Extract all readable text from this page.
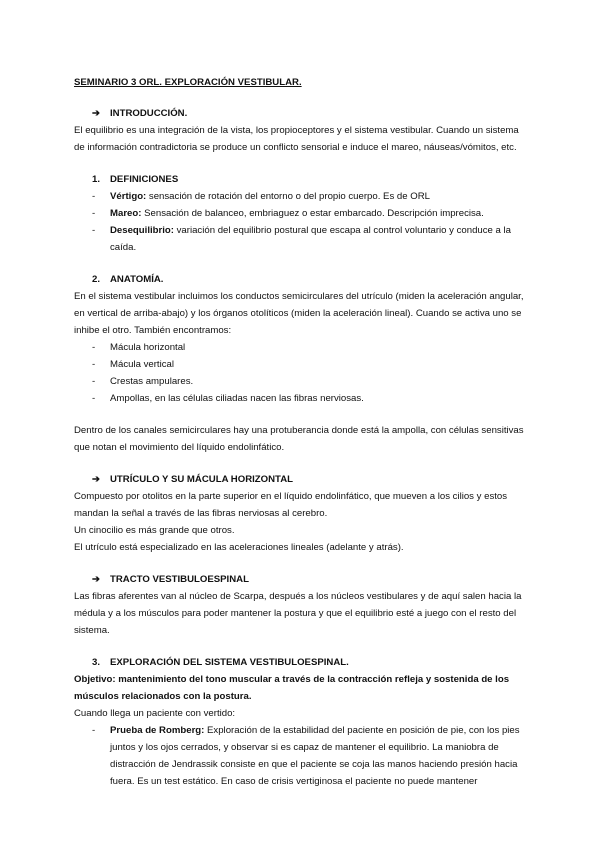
SEMINARIO 3 ORL. EXPLORACIÓN VESTIBULAR.

➔ INTRODUCCIÓN.

El equilibrio es una integración de la vista, los propioceptores y el sistema vestibular. Cuando un sistema de información contradictoria se produce un conflicto sensorial e induce el mareo, náuseas/vómitos, etc.

1. DEFINICIONES

- Vértigo: sensación de rotación del entorno o del propio cuerpo. Es de ORL
- Mareo: Sensación de balanceo, embriaguez o estar embarcado. Descripción imprecisa.
- Desequilibrio: variación del equilibrio postural que escapa al control voluntario y conduce a la caída.

2. ANATOMÍA.

En el sistema vestibular incluimos los conductos semicirculares del utrículo (miden la aceleración angular, en vertical de arriba-abajo) y los órganos otolíticos (miden la aceleración lineal). Cuando se activa uno se inhibe el otro. También encontramos:

- Mácula horizontal
- Mácula vertical
- Crestas ampulares.
- Ampollas, en las células ciliadas nacen las fibras nerviosas.

Dentro de los canales semicirculares hay una protuberancia donde está la ampolla, con células sensitivas que notan el movimiento del líquido endolinfático.

➔ UTRÍCULO Y SU MÁCULA HORIZONTAL

Compuesto por otolitos en la parte superior en el líquido endolinfático, que mueven a los cilios y estos mandan la señal a través de las fibras nerviosas al cerebro.

Un cinocilio es más grande que otros.

El utrículo está especializado en las aceleraciones lineales (adelante y atrás).

➔ TRACTO VESTIBULOESPINAL

Las fibras aferentes van al núcleo de Scarpa, después a los núcleos vestibulares y de aquí salen hacia la médula y a los músculos para poder mantener la postura y que el equilibrio esté a juego con el resto del sistema.

3. EXPLORACIÓN DEL SISTEMA VESTIBULOESPINAL.

Objetivo: mantenimiento del tono muscular a través de la contracción refleja y sostenida de los músculos relacionados con la postura.

Cuando llega un paciente con vertido:

- Prueba de Romberg: Exploración de la estabilidad del paciente en posición de pie, con los pies juntos y los ojos cerrados, y observar si es capaz de mantener el equilibrio. La maniobra de distracción de Jendrassik consiste en que el paciente se coja las manos haciendo presión hacia fuera. Es un test estático. En caso de crisis vertiginosa el paciente no puede mantener
